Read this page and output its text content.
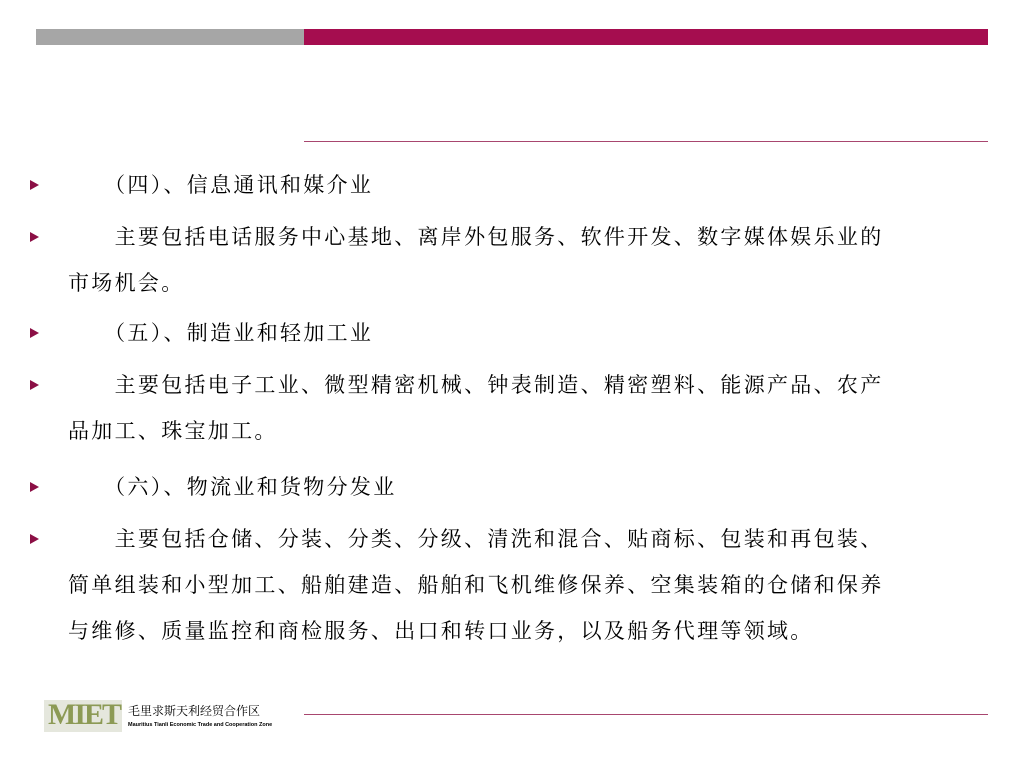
　　（四）、信息通讯和媒介业
　　主要包括电话服务中心基地、离岸外包服务、软件开发、数字媒体娱乐业的
市场机会。
　　（五）、制造业和轻加工业
　　主要包括电子工业、微型精密机械、钟表制造、精密塑料、能源产品、农产
品加工、珠宝加工。
　　（六）、物流业和货物分发业
　　主要包括仓储、分装、分类、分级、清洗和混合、贴商标、包装和再包装、
简单组装和小型加工、船舶建造、船舶和飞机维修保养、空集装箱的仓储和保养
与维修、质量监控和商检服务、出口和转口业务，以及船务代理等领域。
MIET 毛里求斯天利经贸合作区
Mauritius Tianli Economic Trade and Cooperation Zone
